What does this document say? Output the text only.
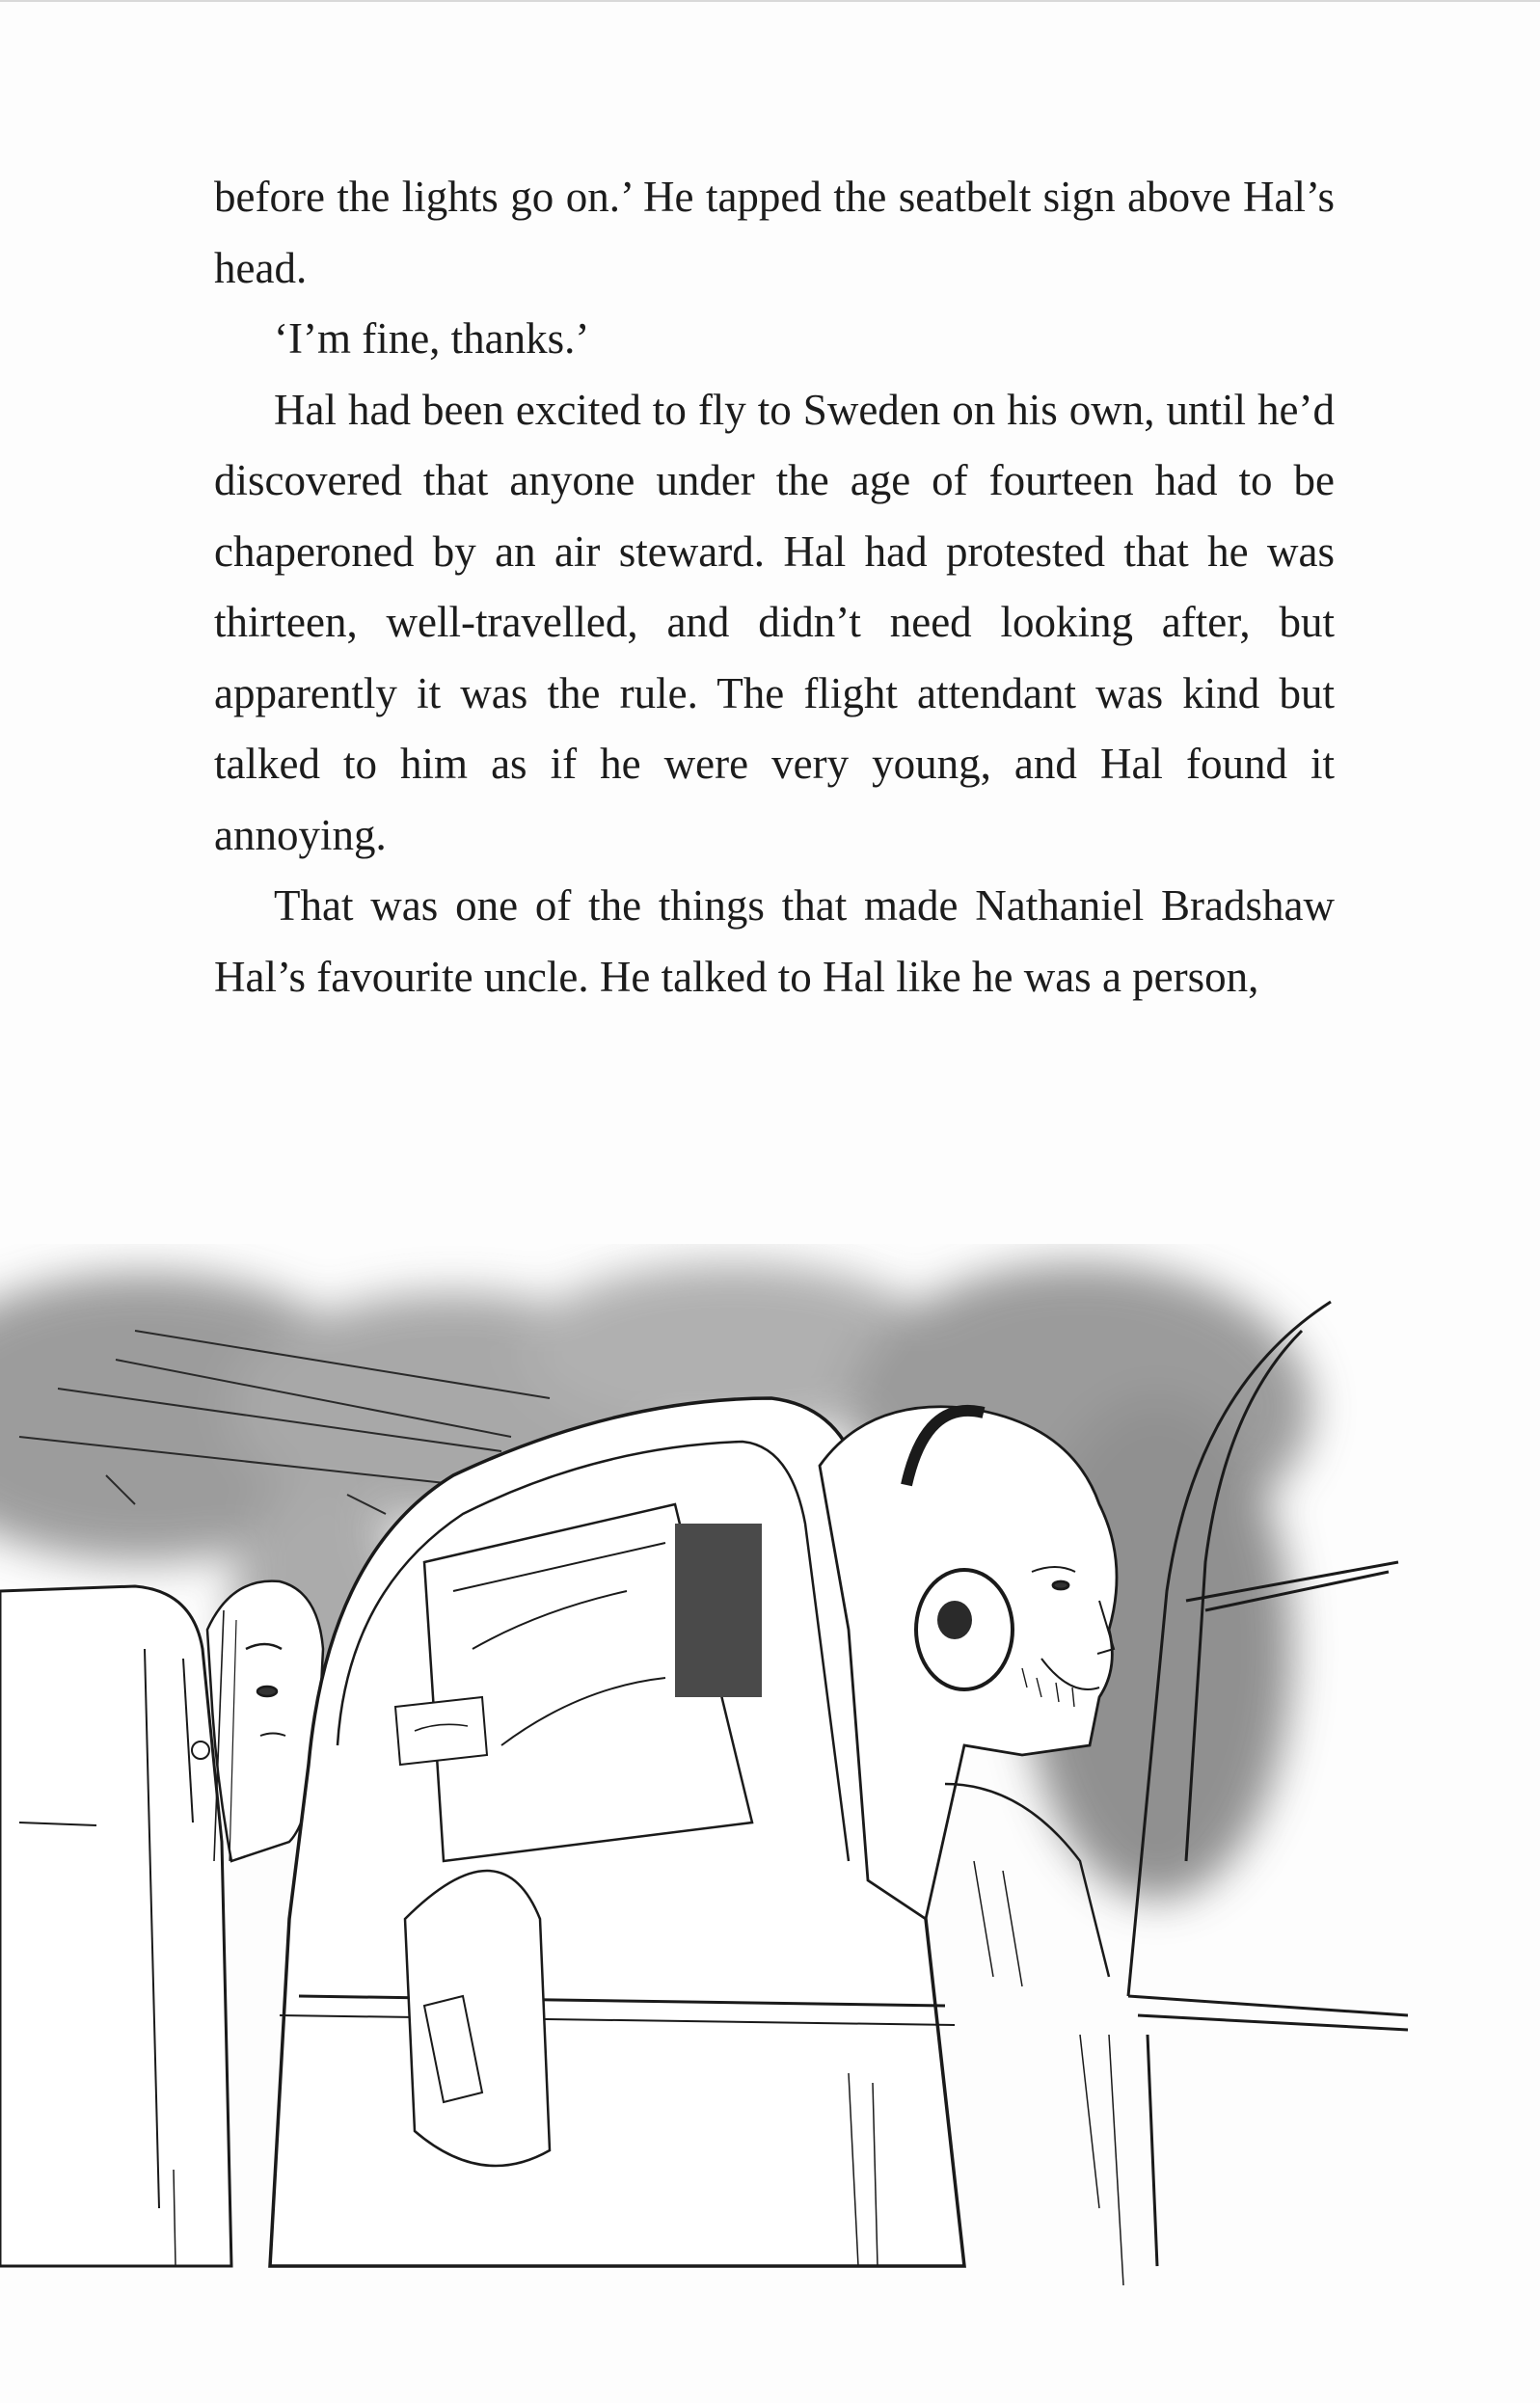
before the lights go on.’ He tapped the seatbelt sign above Hal’s head.

‘I’m fine, thanks.’

Hal had been excited to fly to Sweden on his own, until he’d discovered that anyone under the age of fourteen had to be chaperoned by an air steward. Hal had protested that he was thirteen, well-travelled, and didn’t need looking after, but apparently it was the rule. The flight attendant was kind but talked to him as if he were very young, and Hal found it annoying.

That was one of the things that made Nathaniel Bradshaw Hal’s favourite uncle. He talked to Hal like he was a person,
